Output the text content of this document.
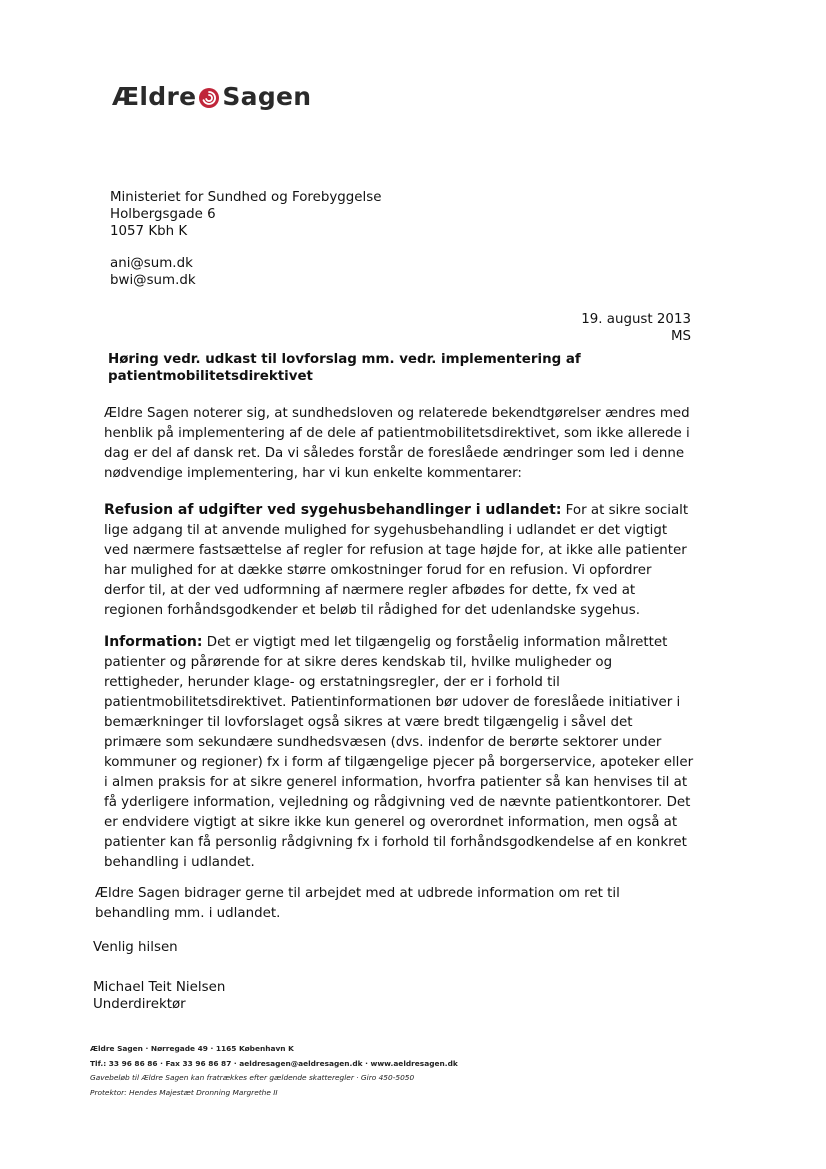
Ældre Sagen
Ministeriet for Sundhed og Forebyggelse
Holbergsgade 6
1057 Kbh K
ani@sum.dk
bwi@sum.dk
19. august 2013
MS
Høring vedr. udkast til lovforslag mm. vedr. implementering af patientmobilitetsdirektivet
Ældre Sagen noterer sig, at sundhedsloven og relaterede bekendtgørelser ændres med henblik på implementering af de dele af patientmobilitetsdirektivet, som ikke allerede i dag er del af dansk ret. Da vi således forstår de foreslåede ændringer som led i denne nødvendige implementering, har vi kun enkelte kommentarer:
Refusion af udgifter ved sygehusbehandlinger i udlandet: For at sikre socialt lige adgang til at anvende mulighed for sygehusbehandling i udlandet er det vigtigt ved nærmere fastsættelse af regler for refusion at tage højde for, at ikke alle patienter har mulighed for at dække større omkostninger forud for en refusion. Vi opfordrer derfor til, at der ved udformning af nærmere regler afbødes for dette, fx ved at regionen forhåndsgodkender et beløb til rådighed for det udenlandske sygehus.
Information: Det er vigtigt med let tilgængelig og forståelig information målrettet patienter og pårørende for at sikre deres kendskab til, hvilke muligheder og rettigheder, herunder klage- og erstatningsregler, der er i forhold til patientmobilitetsdirektivet. Patientinformationen bør udover de foreslåede initiativer i bemærkninger til lovforslaget også sikres at være bredt tilgængelig i såvel det primære som sekundære sundhedsvæsen (dvs. indenfor de berørte sektorer under kommuner og regioner) fx i form af tilgængelige pjecer på borgerservice, apoteker eller i almen praksis for at sikre generel information, hvorfra patienter så kan henvises til at få yderligere information, vejledning og rådgivning ved de nævnte patientkontorer. Det er endvidere vigtigt at sikre ikke kun generel og overordnet information, men også at patienter kan få personlig rådgivning fx i forhold til forhåndsgodkendelse af en konkret behandling i udlandet.
Ældre Sagen bidrager gerne til arbejdet med at udbrede information om ret til behandling mm. i udlandet.
Venlig hilsen
Michael Teit Nielsen
Underdirektør
Ældre Sagen · Nørregade 49 · 1165 København K
Tlf.: 33 96 86 86 · Fax 33 96 86 87 · aeldresagen@aeldresagen.dk · www.aeldresagen.dk
Gavebeløb til Ældre Sagen kan fratrækkes efter gældende skatteregler · Giro 450-5050
Protektor: Hendes Majestæt Dronning Margrethe II
